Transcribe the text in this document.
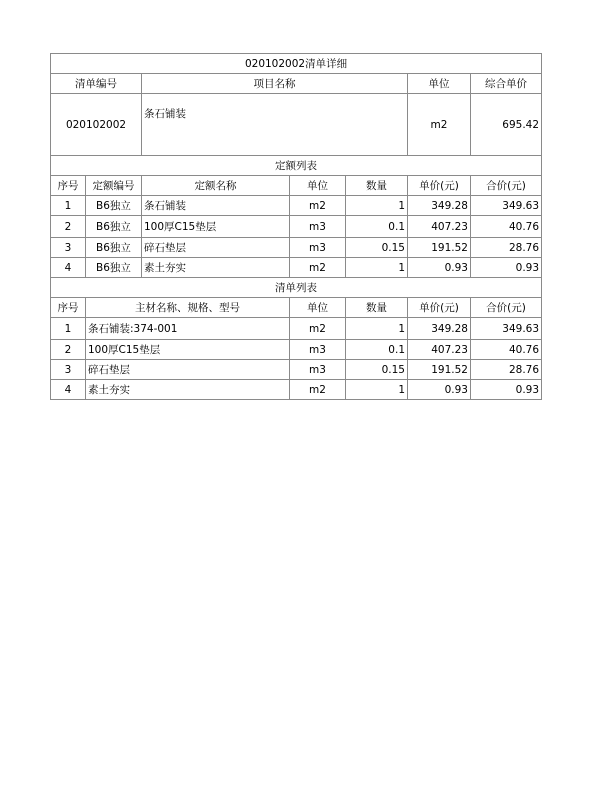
020102002清单详细						
清单编号		项目名称			单位	综合单价
020102002		条石铺装			m2	695.42
定额列表						
序号	定额编号	定额名称	单位	数量	单价(元)	合价(元)
1	B6独立	条石铺装	m2	1	349.28	349.63
2	B6独立	100厚C15垫层	m3	0.1	407.23	40.76
3	B6独立	碎石垫层	m3	0.15	191.52	28.76
4	B6独立	素土夯实	m2	1	0.93	0.93
清单列表						
序号	主材名称、规格、型号		单位	数量	单价(元)	合价(元)
1	条石铺装:374-001		m2	1	349.28	349.63
2	100厚C15垫层		m3	0.1	407.23	40.76
3	碎石垫层		m3	0.15	191.52	28.76
4	素土夯实		m2	1	0.93	0.93
